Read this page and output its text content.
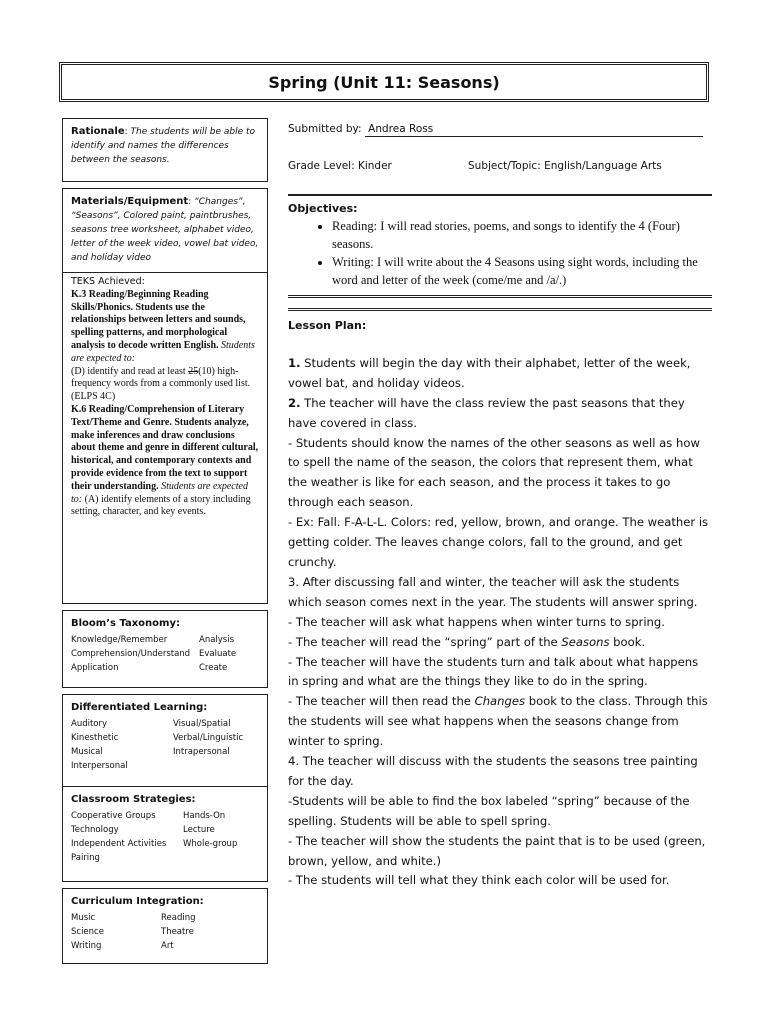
Spring (Unit 11: Seasons)
Rationale: The students will be able to identify and names the differences between the seasons.
Materials/Equipment: “Changes”, “Seasons”, Colored paint, paintbrushes, seasons tree worksheet, alphabet video, letter of the week video, vowel bat video, and holiday video
TEKS Achieved:
K.3 Reading/Beginning Reading Skills/Phonics. Students use the relationships between letters and sounds, spelling patterns, and morphological analysis to decode written English. Students are expected to:
(D) identify and read at least 25(10) high-frequency words from a commonly used list. (ELPS 4C)
K.6 Reading/Comprehension of Literary Text/Theme and Genre. Students analyze, make inferences and draw conclusions about theme and genre in different cultural, historical, and contemporary contexts and provide evidence from the text to support their understanding. Students are expected to: (A) identify elements of a story including setting, character, and key events.
Bloom’s Taxonomy:
Knowledge/Remember	Analysis
Comprehension/Understand	Evaluate
Application	Create
Differentiated Learning:
Auditory	Visual/Spatial
Kinesthetic	Verbal/Linguistic
Musical	Intrapersonal
Interpersonal
Classroom Strategies:
Cooperative Groups	Hands-On
Technology	Lecture
Independent Activities	Whole-group
Pairing
Curriculum Integration:
Music	Reading
Science	Theatre
Writing	Art
Submitted by: Andrea Ross
Grade Level: Kinder	Subject/Topic: English/Language Arts
Objectives:
• Reading: I will read stories, poems, and songs to identify the 4 (Four) seasons.
• Writing: I will write about the 4 Seasons using sight words, including the word and letter of the week (come/me and /a/.)
Lesson Plan:

1. Students will begin the day with their alphabet, letter of the week, vowel bat, and holiday videos.

2. The teacher will have the class review the past seasons that they have covered in class.

- Students should know the names of the other seasons as well as how to spell the name of the season, the colors that represent them, what the weather is like for each season, and the process it takes to go through each season.

- Ex: Fall. F-A-L-L. Colors: red, yellow, brown, and orange. The weather is getting colder. The leaves change colors, fall to the ground, and get crunchy.

3. After discussing fall and winter, the teacher will ask the students which season comes next in the year. The students will answer spring.

- The teacher will ask what happens when winter turns to spring.

- The teacher will read the “spring” part of the Seasons book.

- The teacher will have the students turn and talk about what happens in spring and what are the things they like to do in the spring.

- The teacher will then read the Changes book to the class. Through this the students will see what happens when the seasons change from winter to spring.

4. The teacher will discuss with the students the seasons tree painting for the day.

-Students will be able to find the box labeled “spring” because of the spelling. Students will be able to spell spring.

- The teacher will show the students the paint that is to be used (green, brown, yellow, and white.)

- The students will tell what they think each color will be used for.
